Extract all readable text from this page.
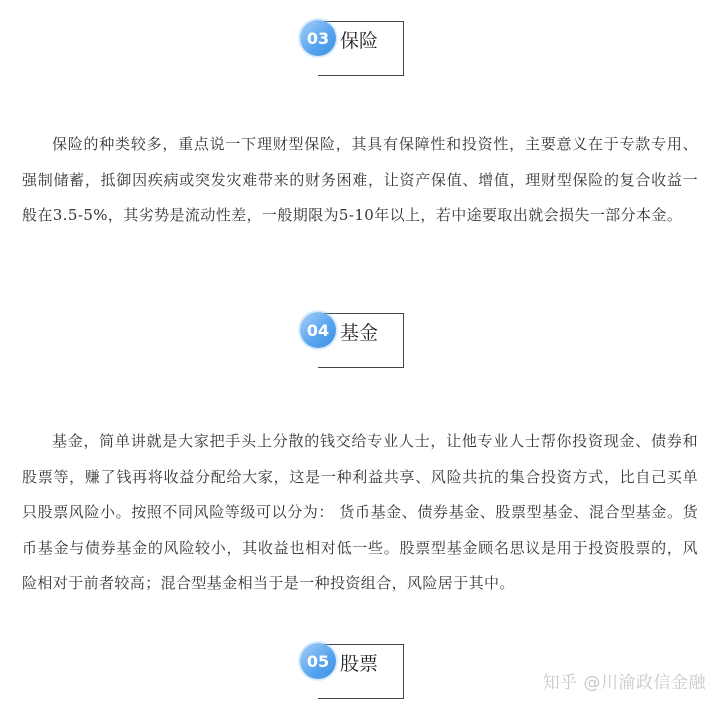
03 保险

保险的种类较多，重点说一下理财型保险，其具有保障性和投资性，主要意义在于专款专用、强制储蓄，抵御因疾病或突发灾难带来的财务困难，让资产保值、增值，理财型保险的复合收益一般在3.5-5%，其劣势是流动性差，一般期限为5-10年以上，若中途要取出就会损失一部分本金。

04 基金

基金，简单讲就是大家把手头上分散的钱交给专业人士，让他专业人士帮你投资现金、债券和股票等，赚了钱再将收益分配给大家，这是一种利益共享、风险共抗的集合投资方式，比自己买单只股票风险小。按照不同风险等级可以分为： 货币基金、债券基金、股票型基金、混合型基金。货币基金与债券基金的风险较小，其收益也相对低一些。股票型基金顾名思议是用于投资股票的，风险相对于前者较高；混合型基金相当于是一种投资组合，风险居于其中。

05 股票
知乎 @川渝政信金融
